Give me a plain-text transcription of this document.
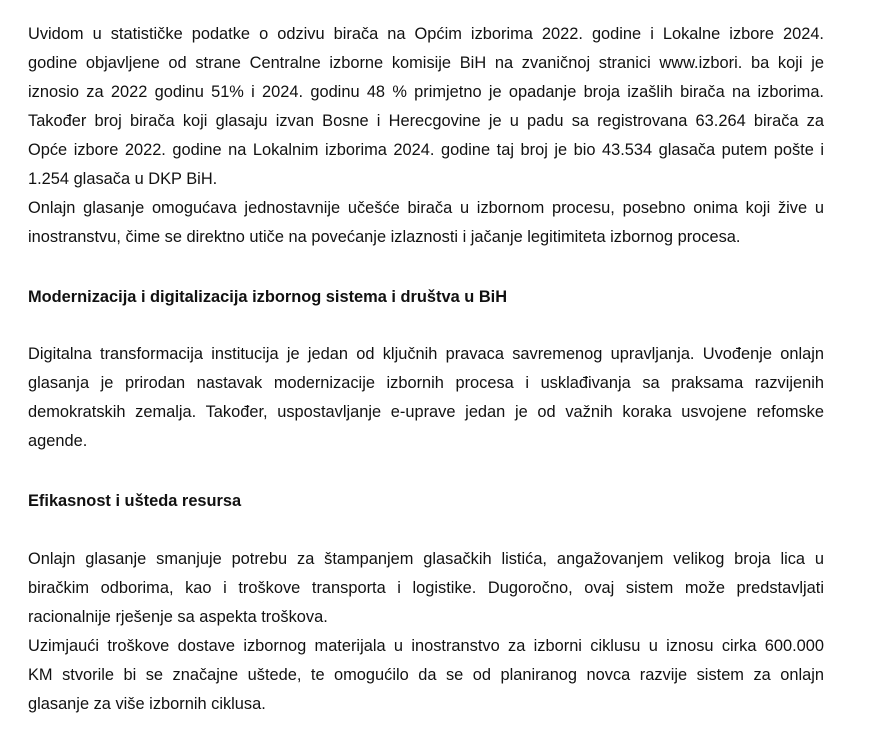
Uvidom u statističke podatke o odzivu birača na Općim izborima 2022. godine i Lokalne izbore 2024.
godine objavljene od strane Centralne izborne komisije BiH na zvaničnoj stranici www.izbori. ba koji je
iznosio za 2022 godinu 51% i 2024. godinu 48 % primjetno je opadanje broja izašlih birača na izborima.
Također broj birača koji glasaju izvan Bosne i Herecgovine je u padu sa registrovana 63.264 birača za
Opće izbore 2022. godine na Lokalnim izborima 2024. godine taj broj je bio 43.534 glasača putem pošte i
1.254 glasača u DKP BiH.
Onlajn glasanje omogućava jednostavnije učešće birača u izbornom procesu, posebno onima koji žive u
inostranstvu, čime se direktno utiče na povećanje izlaznosti i jačanje legitimiteta izbornog procesa.
Modernizacija i digitalizacija izbornog sistema i društva u BiH
Digitalna transformacija institucija je jedan od ključnih pravaca savremenog upravljanja. Uvođenje onlajn
glasanja je prirodan nastavak modernizacije izbornih procesa i usklađivanja sa praksama razvijenih
demokratskih zemalja. Također, uspostavljanje e-uprave jedan je od važnih koraka usvojene refomske
agende.
Efikasnost i ušteda resursa
Onlajn glasanje smanjuje potrebu za štampanjem glasačkih listića, angažovanjem velikog broja lica u
biračkim odborima, kao i troškove transporta i logistike. Dugoročno, ovaj sistem može predstavljati
racionalnije rješenje sa aspekta troškova.
Uzimjaući troškove dostave izbornog materijala u inostranstvo za izborni ciklusu u iznosu cirka 600.000
KM stvorile bi se značajne uštede, te omogućilo da se od planiranog novca razvije sistem za onlajn
glasanje za više izbornih ciklusa.
